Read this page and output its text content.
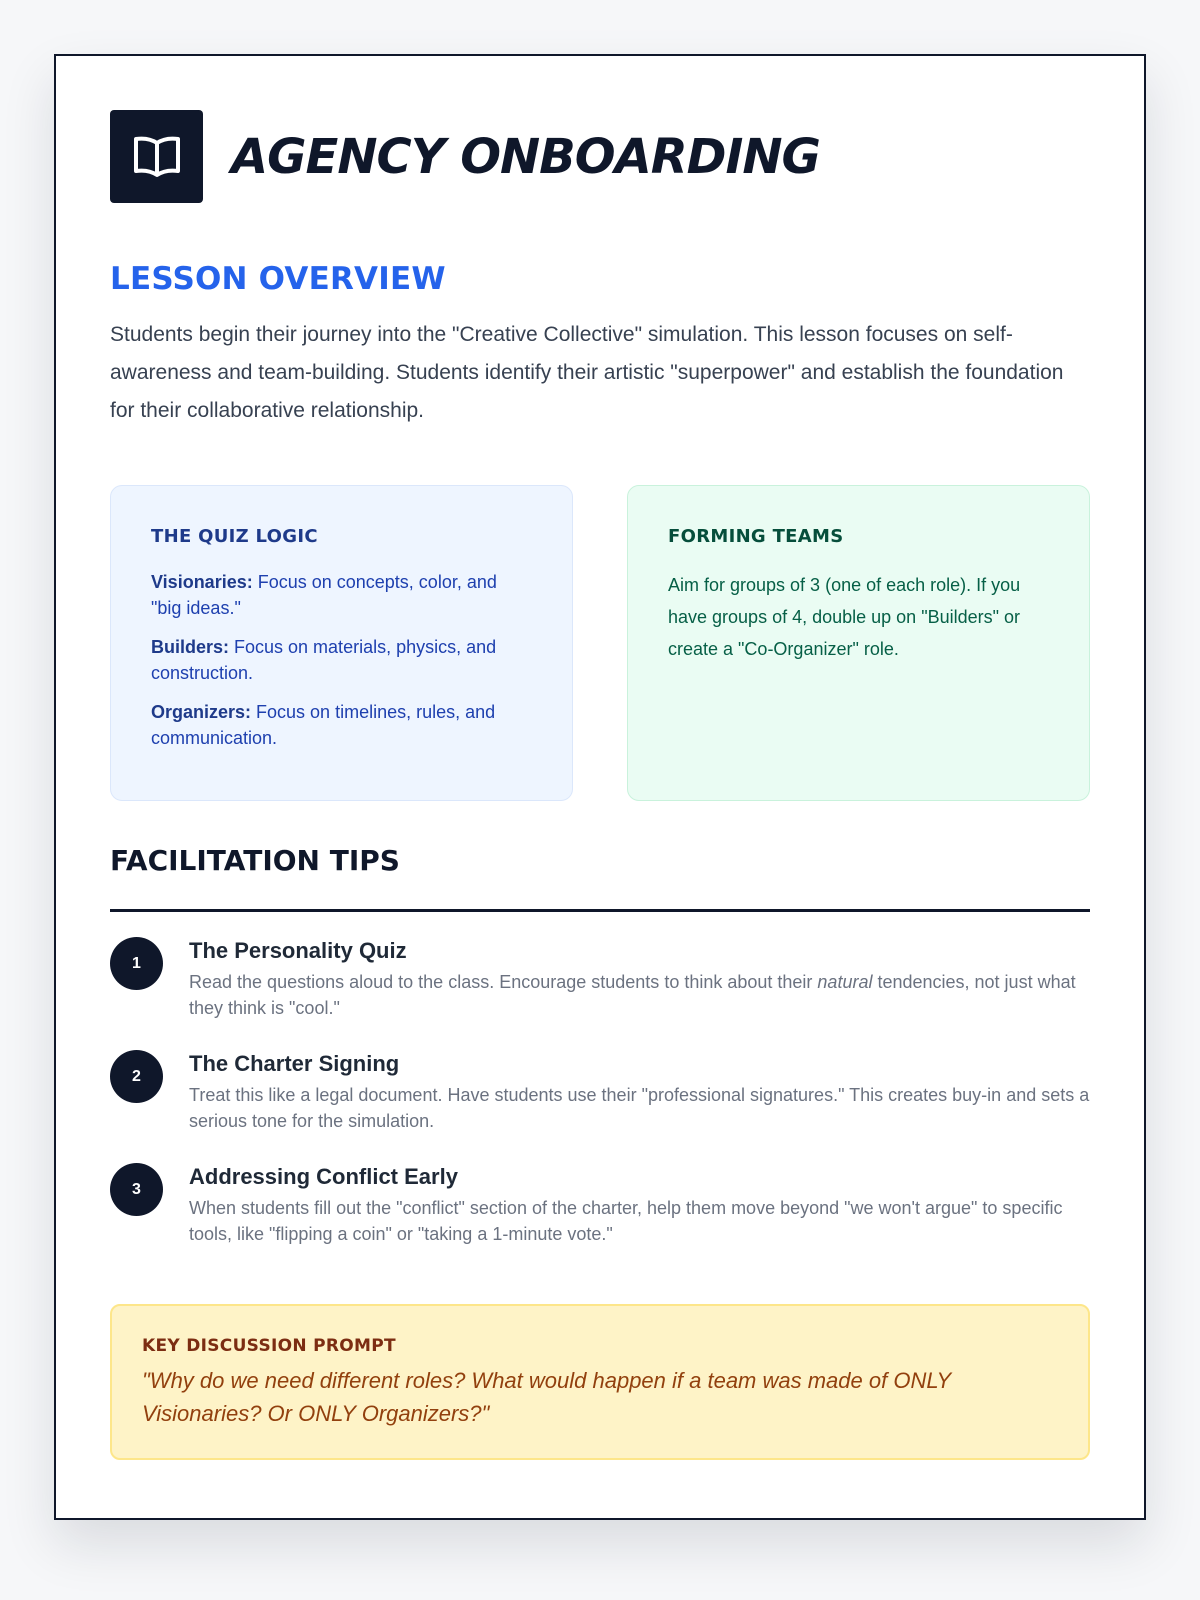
AGENCY ONBOARDING
LESSON OVERVIEW
Students begin their journey into the "Creative Collective" simulation. This lesson focuses on self-awareness and team-building. Students identify their artistic "superpower" and establish the foundation for their collaborative relationship.
THE QUIZ LOGIC
Visionaries: Focus on concepts, color, and "big ideas."
Builders: Focus on materials, physics, and construction.
Organizers: Focus on timelines, rules, and communication.
FORMING TEAMS
Aim for groups of 3 (one of each role). If you have groups of 4, double up on "Builders" or create a "Co-Organizer" role.
FACILITATION TIPS
1	The Personality Quiz
Read the questions aloud to the class. Encourage students to think about their natural tendencies, not just what they think is "cool."
2	The Charter Signing
Treat this like a legal document. Have students use their "professional signatures." This creates buy-in and sets a serious tone for the simulation.
3	Addressing Conflict Early
When students fill out the "conflict" section of the charter, help them move beyond "we won't argue" to specific tools, like "flipping a coin" or "taking a 1-minute vote."
KEY DISCUSSION PROMPT
"Why do we need different roles? What would happen if a team was made of ONLY Visionaries? Or ONLY Organizers?"
